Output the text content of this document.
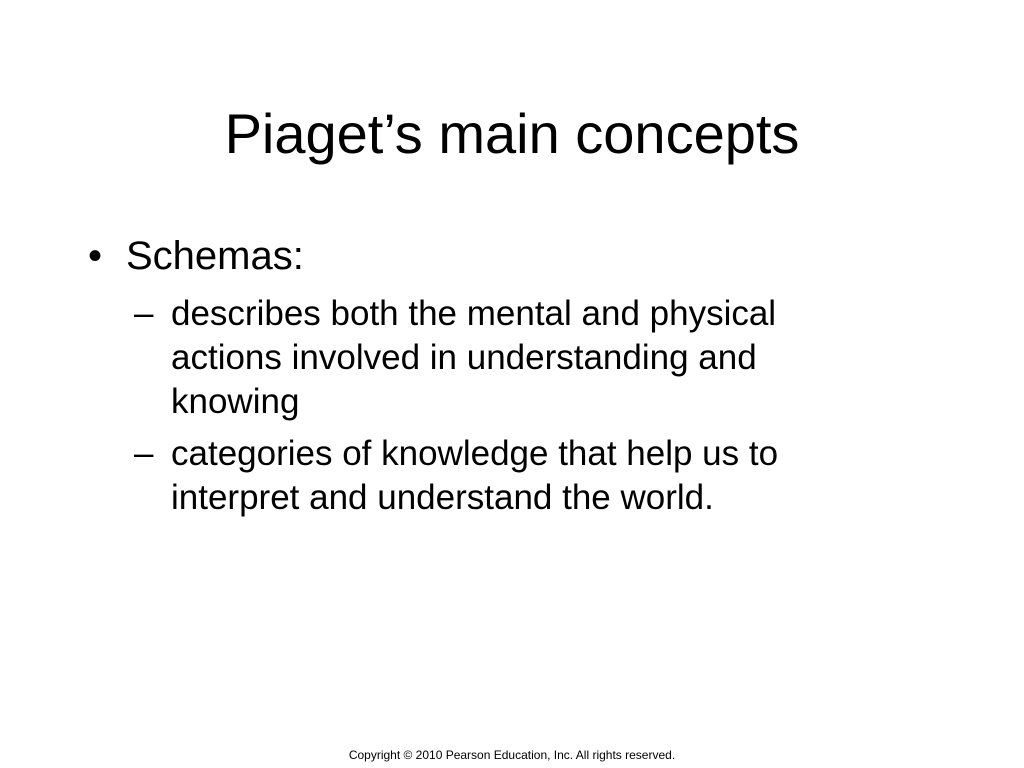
Piaget’s main concepts
• Schemas:
– describes both the mental and physical actions involved in understanding and knowing
– categories of knowledge that help us to interpret and understand the world.
Copyright © 2010 Pearson Education, Inc. All rights reserved.
